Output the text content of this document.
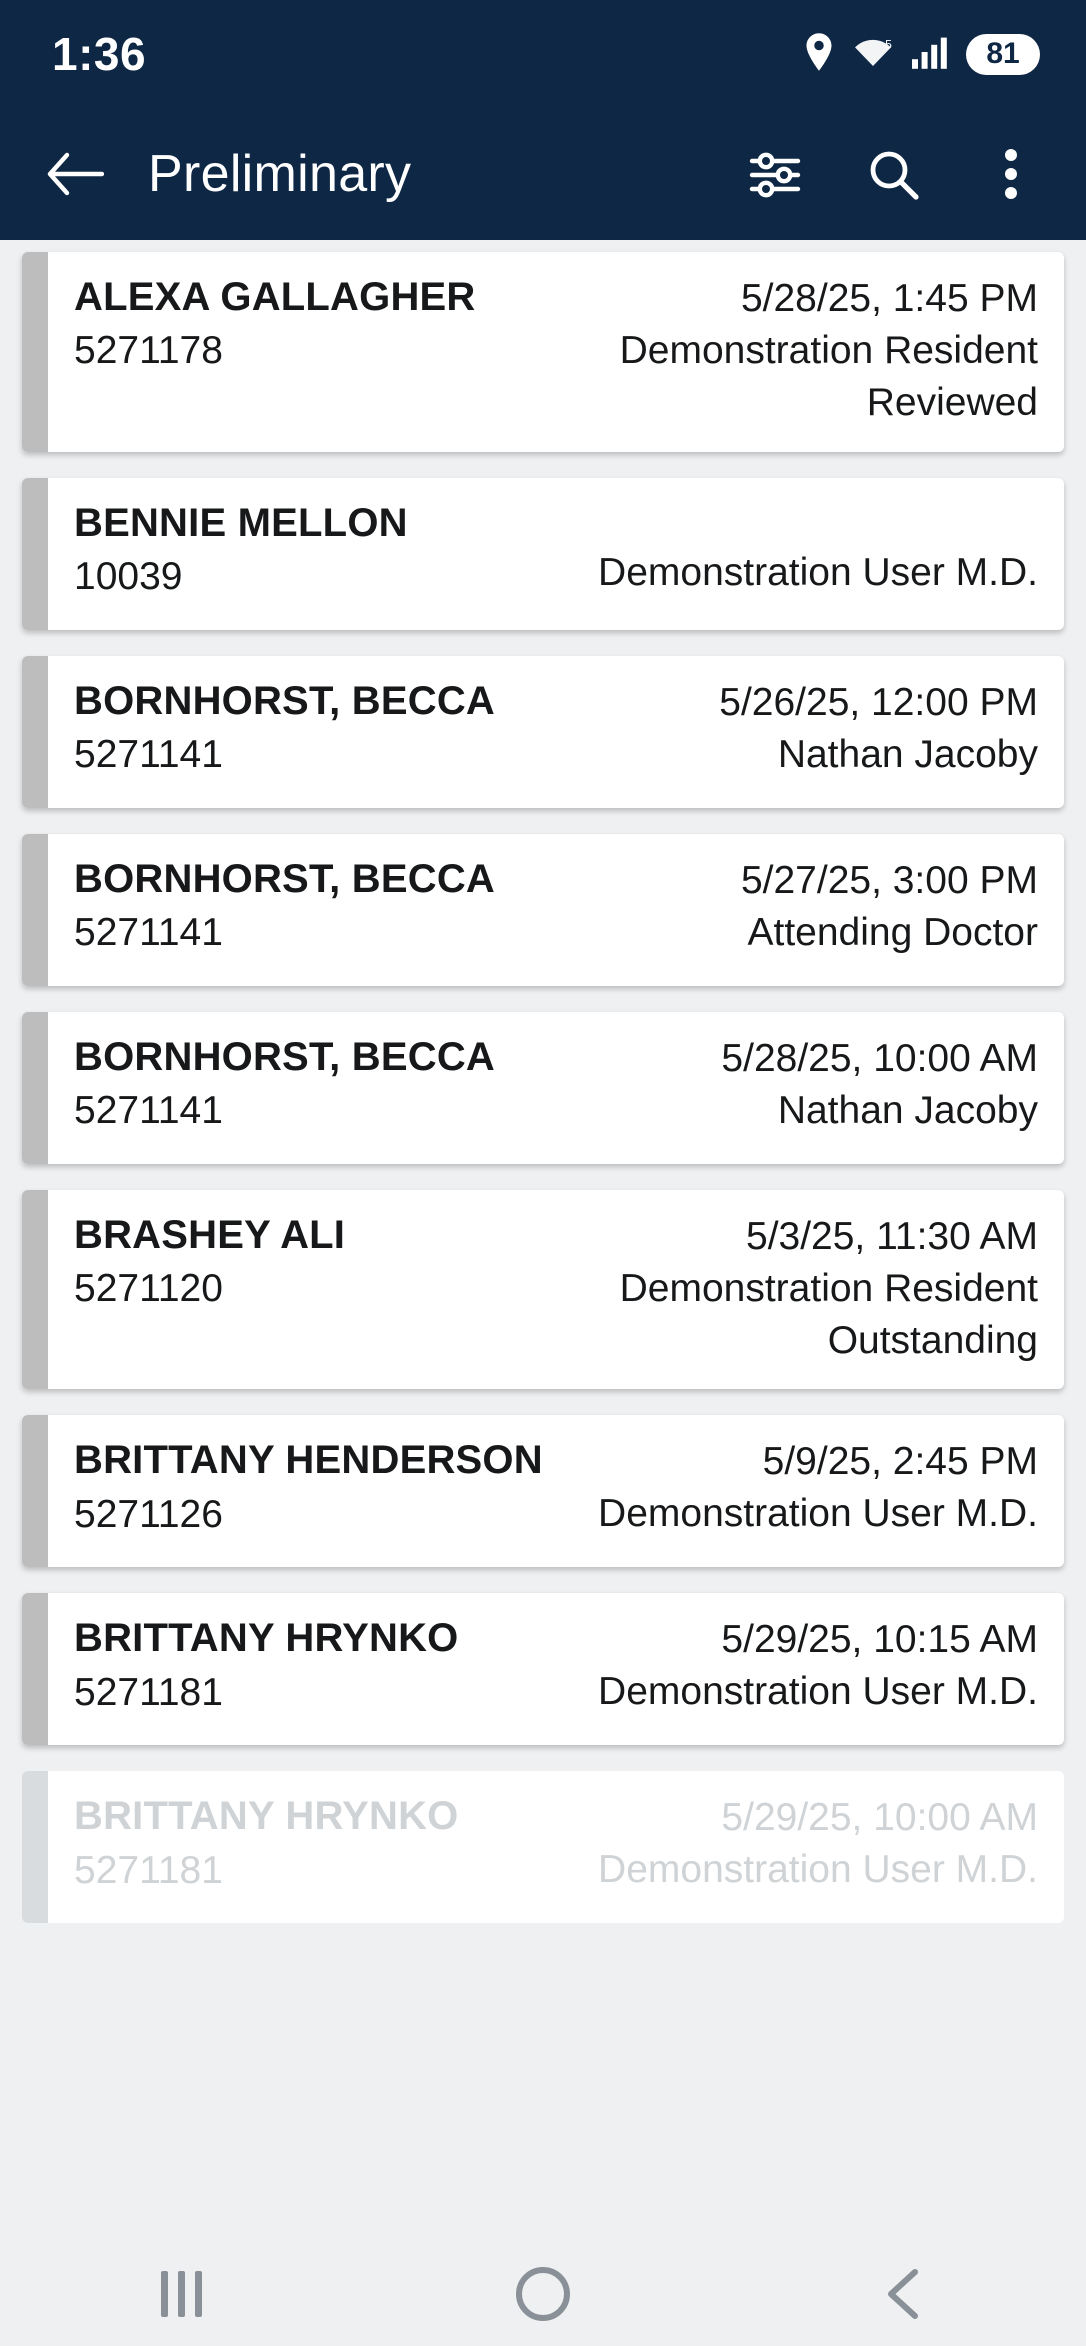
1:36	5	81
Preliminary
ALEXA GALLAGHER
5271178
5/28/25, 1:45 PM
Demonstration Resident
Reviewed
BENNIE MELLON
10039	Demonstration User M.D.
BORNHORST, BECCA
5271141
5/26/25, 12:00 PM
Nathan Jacoby
BORNHORST, BECCA
5271141
5/27/25, 3:00 PM
Attending Doctor
BORNHORST, BECCA
5271141
5/28/25, 10:00 AM
Nathan Jacoby
BRASHEY ALI
5271120
5/3/25, 11:30 AM
Demonstration Resident
Outstanding
BRITTANY HENDERSON
5271126
5/9/25, 2:45 PM
Demonstration User M.D.
BRITTANY HRYNKO
5271181
5/29/25, 10:15 AM
Demonstration User M.D.
BRITTANY HRYNKO
5271181
5/29/25, 10:00 AM
Demonstration User M.D.
